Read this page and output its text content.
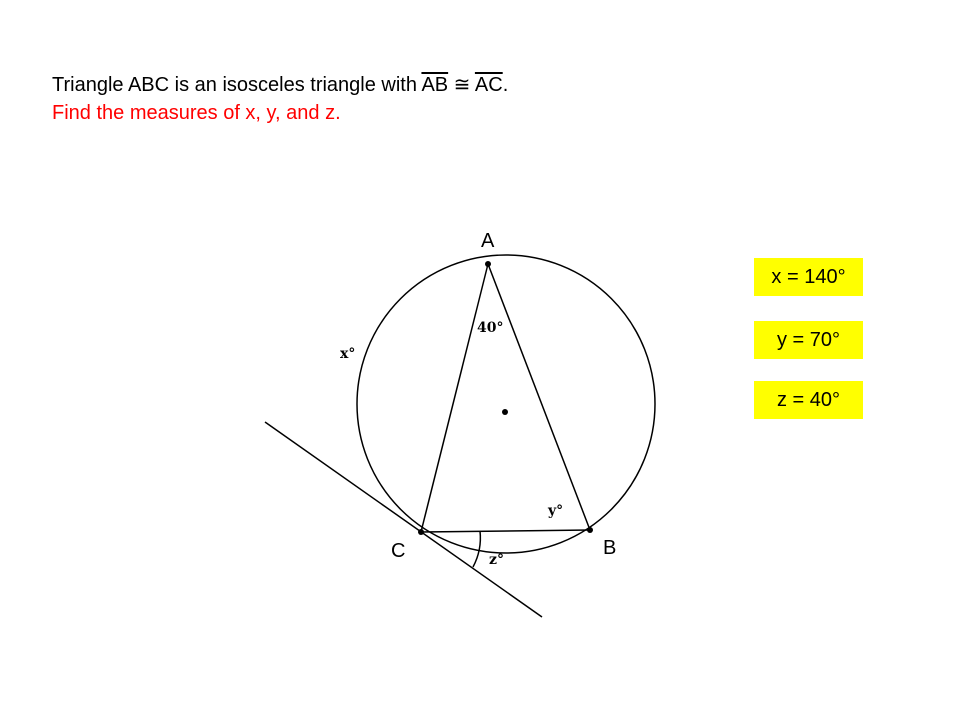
Triangle ABC is an isosceles triangle with $\overline{AB}$ ≅ $\overline{AC}$.
Find the measures of x, y, and z.
A
B
C
40°
x°
y°
z°
x = 140°
y = 70°
z = 40°
